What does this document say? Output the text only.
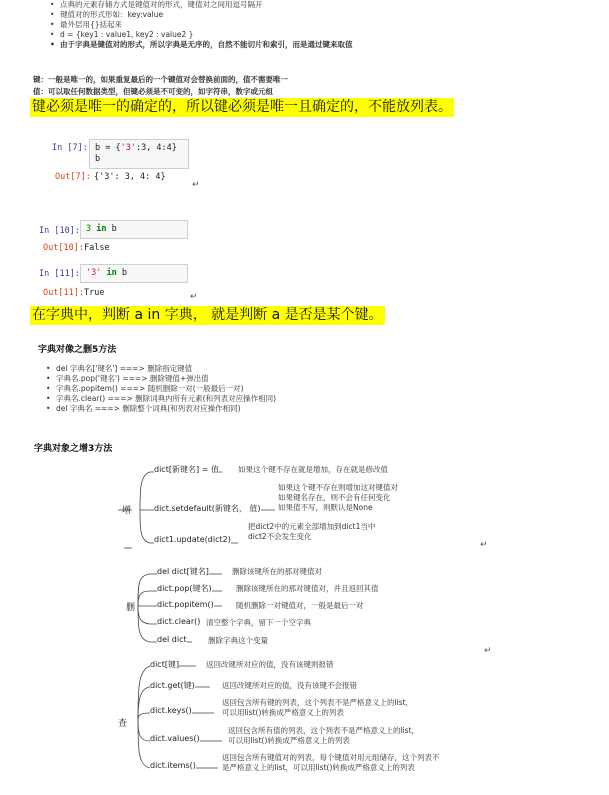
• 点典的元素存储方式是键值对的形式，键值对之间用逗号隔开
• 键值对的形式形如：key:value
• 最外层用{}括起来
• d = {key1 : value1, key2 : value2 }
• 由于字典是键值对的形式，所以字典是无序的，自然不能切片和索引，而是通过键来取值
键：一般是唯一的，如果重复最后的一个键值对会替换前面的，值不需要唯一
值：可以取任何数据类型，但键必须是不可变的，如字符串，数字或元组
键必须是唯一的确定的，所以键必须是唯一且确定的，不能放列表。
In [7]: b = {'3':3, 4:4}
b
Out[7]: {'3': 3, 4: 4}
↵
In [10]: 3 in b
Out[10]: False
In [11]: '3' in b
Out[11]: True	↵
在字典中，判断 a in 字典， 就是判断 a 是否是某个键。
字典对像之删5方法
• del 字典名['键名'] ===> 删除指定键值
• 字典名.pop('键名') ===> 删除键值+弹出值
• 字典名.popitem() ===> 随机删除一对(一般最后一对)
• 字典名.clear() ===> 删除词典内所有元素(和列表对应操作相同)
• del 字典名 ===> 删除整个词典(和列表对应操作相同)
字典对象之增3方法
增
dict[新键名] = 值	如果这个键不存在就是增加，存在就是修改值
dict.setdefault(新键名， 值)
如果这个键不存在则增加这对键值对
如果键名存在，则不会有任何变化
如果值不写，则默认是None
dict1.update(dict2)
把dict2中的元素全部增加到dict1当中
dict2不会发生变化
↵
删
del dict[键名]	删除该键所在的那对键值对
dict.pop(键名)	删除该键所在的那对键值对，并且返回其值
dict.popitem()	随机删除一对键值对，一般是最后一对
dict.clear() 清空整个字典，留下一个空字典
del dict	删除字典这个变量
↵
查
dict[键]	返回改键所对应的值，没有该键则报错
dict.get(键)	返回改键所对应的值，没有该键不会报错
dict.keys()
返回包含所有键的列表，这个列表不是严格意义上的list，
可以用list()转换成严格意义上的列表
dict.values()
返回包含所有值的列表，这个列表不是严格意义上的list，
可以用list()转换成严格意义上的列表
dict.items()
返回包含所有键值对的列表，每个键值对用元组储存，这个列表不
是严格意义上的list，可以用list()转换成严格意义上的列表
